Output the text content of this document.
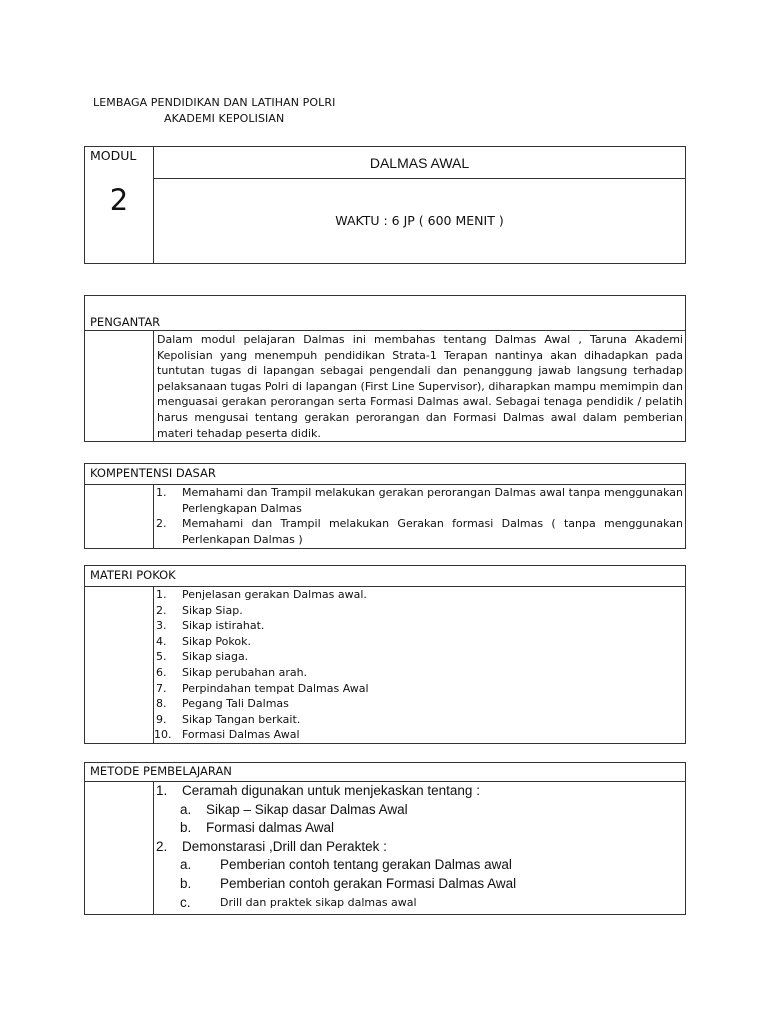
LEMBAGA PENDIDIKAN DAN LATIHAN POLRI
AKADEMI KEPOLISIAN
MODUL
2
	DALMAS AWAL
WAKTU : 6 JP ( 600 MENIT )
PENGANTAR

Dalam modul pelajaran Dalmas ini membahas tentang Dalmas Awal , Taruna Akademi Kepolisian yang menempuh pendidikan Strata-1 Terapan nantinya akan dihadapkan pada tuntutan tugas di lapangan sebagai pengendali dan penanggung jawab langsung terhadap pelaksanaan tugas Polri di lapangan (First Line Supervisor), diharapkan mampu memimpin dan menguasai gerakan perorangan serta Formasi Dalmas awal. Sebagai tenaga pendidik / pelatih harus mengusai tentang gerakan perorangan dan Formasi Dalmas awal dalam pemberian materi tehadap peserta didik.
KOMPENTENSI DASAR

1.	Memahami dan Trampil melakukan gerakan perorangan Dalmas awal tanpa menggunakan Perlengkapan Dalmas
2.	Memahami dan Trampil melakukan Gerakan formasi Dalmas ( tanpa menggunakan Perlenkapan Dalmas )
MATERI POKOK

1.	Penjelasan gerakan Dalmas awal.
2.	Sikap Siap.
3.	Sikap istirahat.
4.	Sikap Pokok.
5.	Sikap siaga.
6.	Sikap perubahan arah.
7.	Perpindahan tempat Dalmas Awal
8.	Pegang Tali Dalmas
9.	Sikap Tangan berkait.
10. Formasi Dalmas Awal
METODE PEMBELAJARAN

1.	Ceramah digunakan untuk menjekaskan tentang :
a.	Sikap – Sikap dasar Dalmas Awal
b.	Formasi dalmas Awal
2.	Demonstarasi ,Drill dan Peraktek :
a.	Pemberian contoh tentang gerakan Dalmas awal
b.	Pemberian contoh gerakan Formasi Dalmas Awal
c.	Drill dan praktek sikap dalmas awal
